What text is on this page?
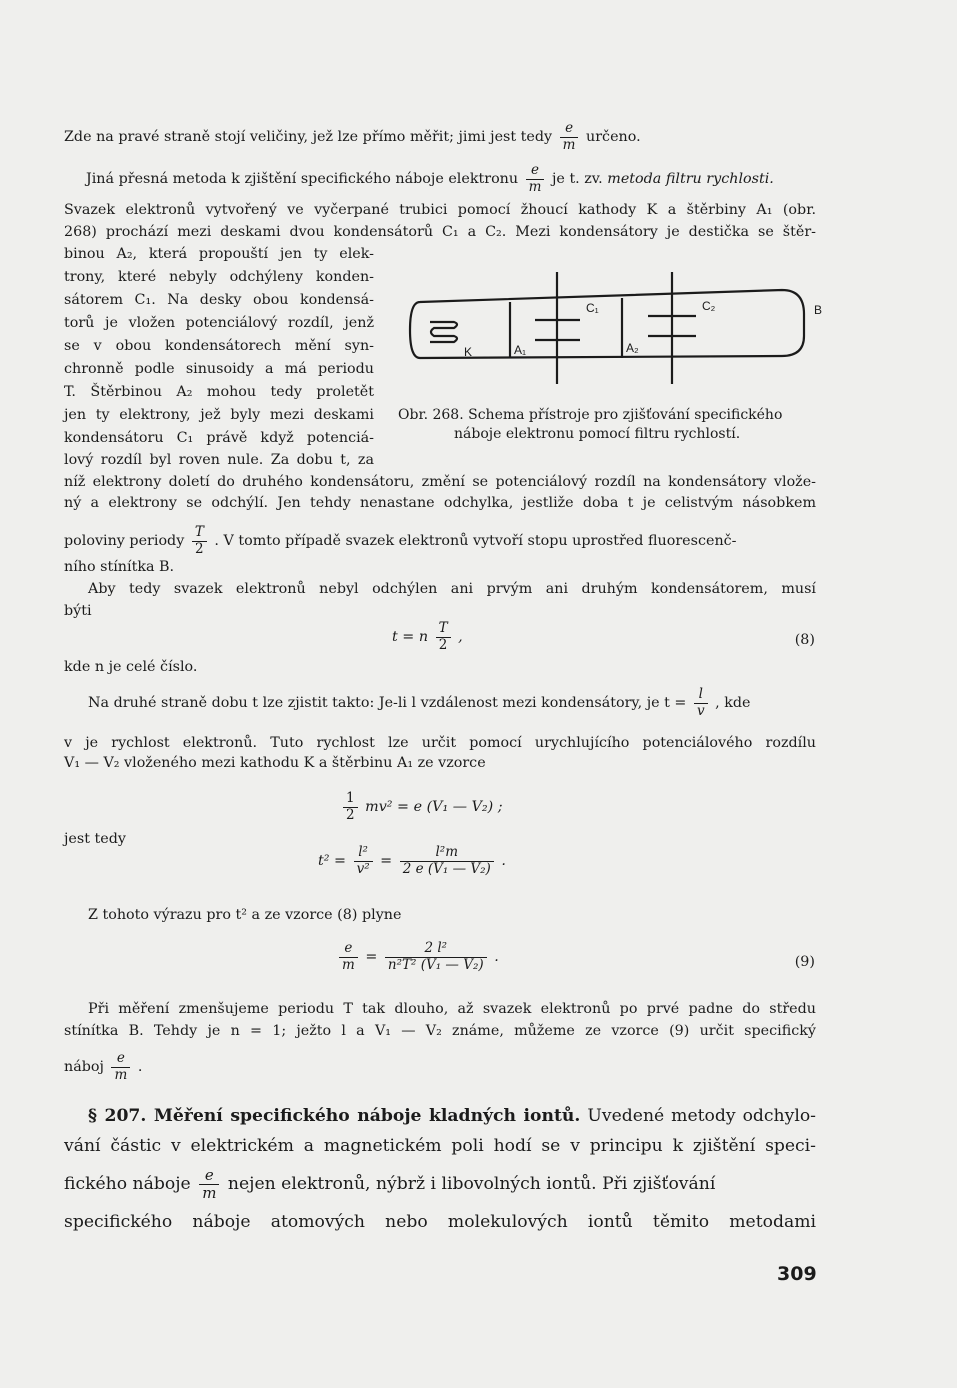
Zde na pravé straně stojí veličiny, jež lze přímo měřit; jimi jest tedy $\frac{e}{m}$ určeno.
Jiná přesná metoda k zjištění specifického náboje elektronu $\frac{e}{m}$ je t. zv. metoda filtru rychlosti.
Svazek elektronů vytvořený ve vyčerpané trubici pomocí žhoucí kathody K a štěrbiny A₁ (obr.
268) prochází mezi deskami dvou kondensátorů C₁ a C₂. Mezi kondensátory je destička se štěr-
binou A₂, která propouští jen ty elek-
trony, které nebyly odchýleny konden-
sátorem C₁. Na desky obou kondensá-
torů je vložen potenciálový rozdíl, jenž
se v obou kondensátorech mění syn-
chronně podle sinusoidy a má periodu
T. Štěrbinou A₂ mohou tedy proletět
jen ty elektrony, jež byly mezi deskami
kondensátoru C₁ právě když potenciá-
lový rozdíl byl roven nule. Za dobu t, za
níž elektrony doletí do druhého kondensátoru, změní se potenciálový rozdíl na kondensátory vlože-
ný a elektrony se odchýlí. Jen tehdy nenastane odchylka, jestliže doba t je celistvým násobkem
C₁	C₂	B
K	A₁	A₂
Obr. 268. Schema přístroje pro zjišťování specifického
náboje elektronu pomocí filtru rychlostí.
poloviny periody $\frac{T}{2}$ . V tomto případě svazek elektronů vytvoří stopu uprostřed fluorescenč-
ního stínítka B.
Aby tedy svazek elektronů nebyl odchýlen ani prvým ani druhým kondensátorem, musí
býti
t = n $\frac{T}{2}$ ,	(8)
kde n je celé číslo.
Na druhé straně dobu t lze zjistit takto: Je-li l vzdálenost mezi kondensátory, je $t = \frac{l}{v}$ , kde
v je rychlost elektronů. Tuto rychlost lze určit pomocí urychlujícího potenciálového rozdílu
V₁ — V₂ vloženého mezi kathodu K a štěrbinu A₁ ze vzorce
$\frac{1}{2} mv^2 = e$ (V₁ — V₂) ;
jest tedy
$t^2 = \frac{\text{l²}}{\text{v²}} = \frac{\text{l²m}}{\text{2 e (V₁ — V₂)}}$ .
Z tohoto výrazu pro t² a ze vzorce (8) plyne
$\frac{e}{m} = \frac{\text{2 l²}}{\text{n²T² (V₁ — V₂)}}$ .	(9)
Při měření zmenšujeme periodu T tak dlouho, až svazek elektronů po prvé padne do středu
stínítka B. Tehdy je n = 1; ježto l a V₁ — V₂ známe, můžeme ze vzorce (9) určit specifický
náboj $\frac{e}{m}$ .
§ 207. Měření specifického náboje kladných iontů. Uvedené metody odchylo-
vání částic v elektrickém a magnetickém poli hodí se v principu k zjištění speci-
fického náboje $\frac{e}{m}$ nejen elektronů, nýbrž i libovolných iontů. Při zjišťování
specifického náboje atomových nebo molekulových iontů těmito metodami
309
